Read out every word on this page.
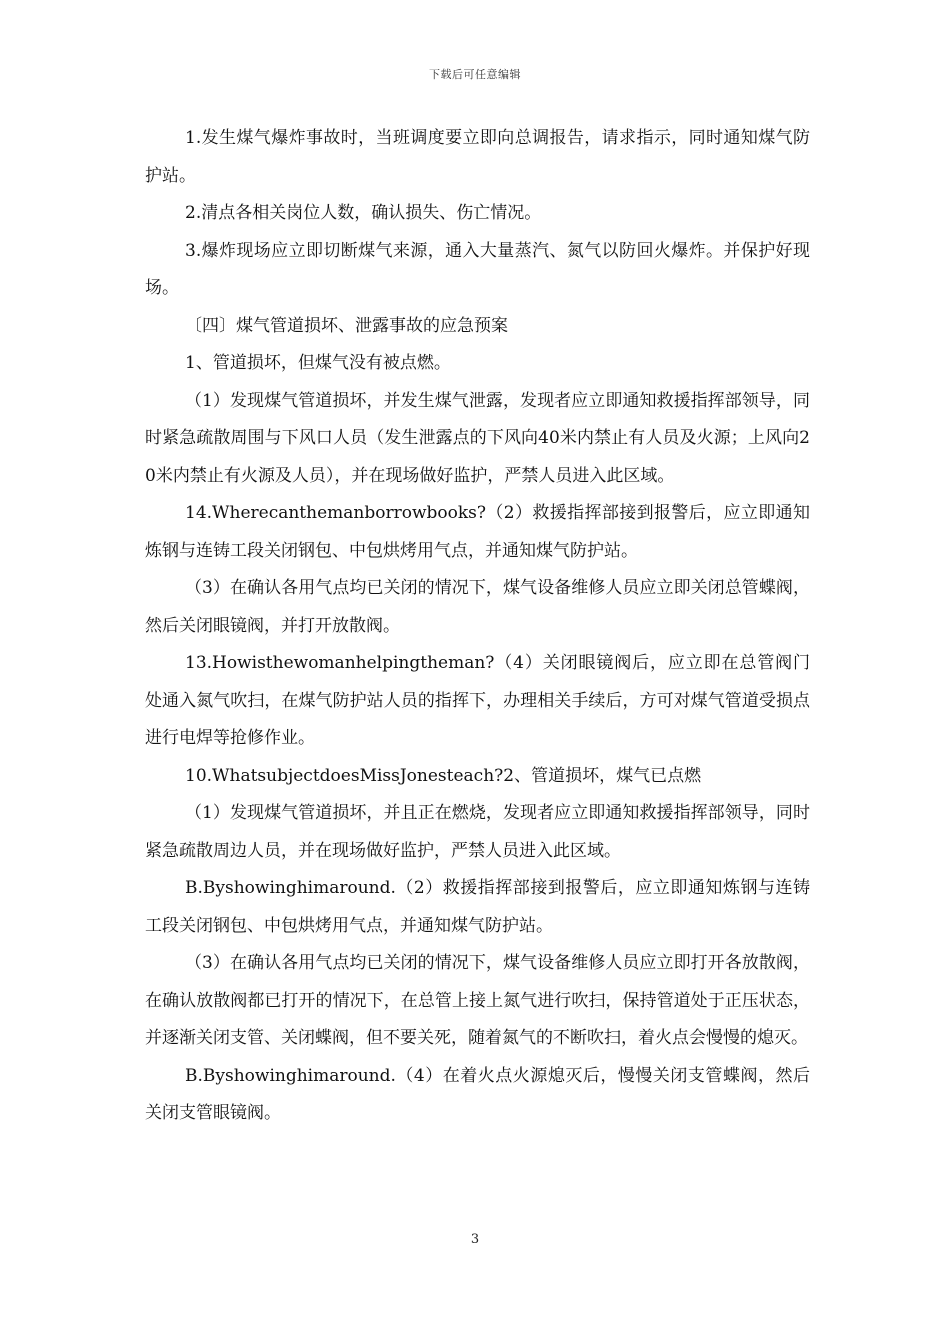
下载后可任意编辑

1.发生煤气爆炸事故时，当班调度要立即向总调报告，请求指示，同时通知煤气防护站。

2.清点各相关岗位人数，确认损失、伤亡情况。

3.爆炸现场应立即切断煤气来源，通入大量蒸汽、氮气以防回火爆炸。并保护好现场。

〔四〕煤气管道损坏、泄露事故的应急预案

1、管道损坏，但煤气没有被点燃。

（1）发现煤气管道损坏，并发生煤气泄露，发现者应立即通知救援指挥部领导，同时紧急疏散周围与下风口人员（发生泄露点的下风向40米内禁止有人员及火源；上风向20米内禁止有火源及人员），并在现场做好监护，严禁人员进入此区域。

14.Wherecanthemanborrowbooks?（2）救援指挥部接到报警后，应立即通知炼钢与连铸工段关闭钢包、中包烘烤用气点，并通知煤气防护站。

（3）在确认各用气点均已关闭的情况下，煤气设备维修人员应立即关闭总管蝶阀，然后关闭眼镜阀，并打开放散阀。

13.Howisthewomanhelpingtheman?（4）关闭眼镜阀后，应立即在总管阀门处通入氮气吹扫，在煤气防护站人员的指挥下，办理相关手续后，方可对煤气管道受损点进行电焊等抢修作业。

10.WhatsubjectdoesMissJonesteach?2、管道损坏，煤气已点燃

（1）发现煤气管道损坏，并且正在燃烧，发现者应立即通知救援指挥部领导，同时紧急疏散周边人员，并在现场做好监护，严禁人员进入此区域。

B.Byshowinghimaround.（2）救援指挥部接到报警后，应立即通知炼钢与连铸工段关闭钢包、中包烘烤用气点，并通知煤气防护站。

（3）在确认各用气点均已关闭的情况下，煤气设备维修人员应立即打开各放散阀，在确认放散阀都已打开的情况下，在总管上接上氮气进行吹扫，保持管道处于正压状态，并逐渐关闭支管、关闭蝶阀，但不要关死，随着氮气的不断吹扫，着火点会慢慢的熄灭。

B.Byshowinghimaround.（4）在着火点火源熄灭后，慢慢关闭支管蝶阀，然后关闭支管眼镜阀。

3
